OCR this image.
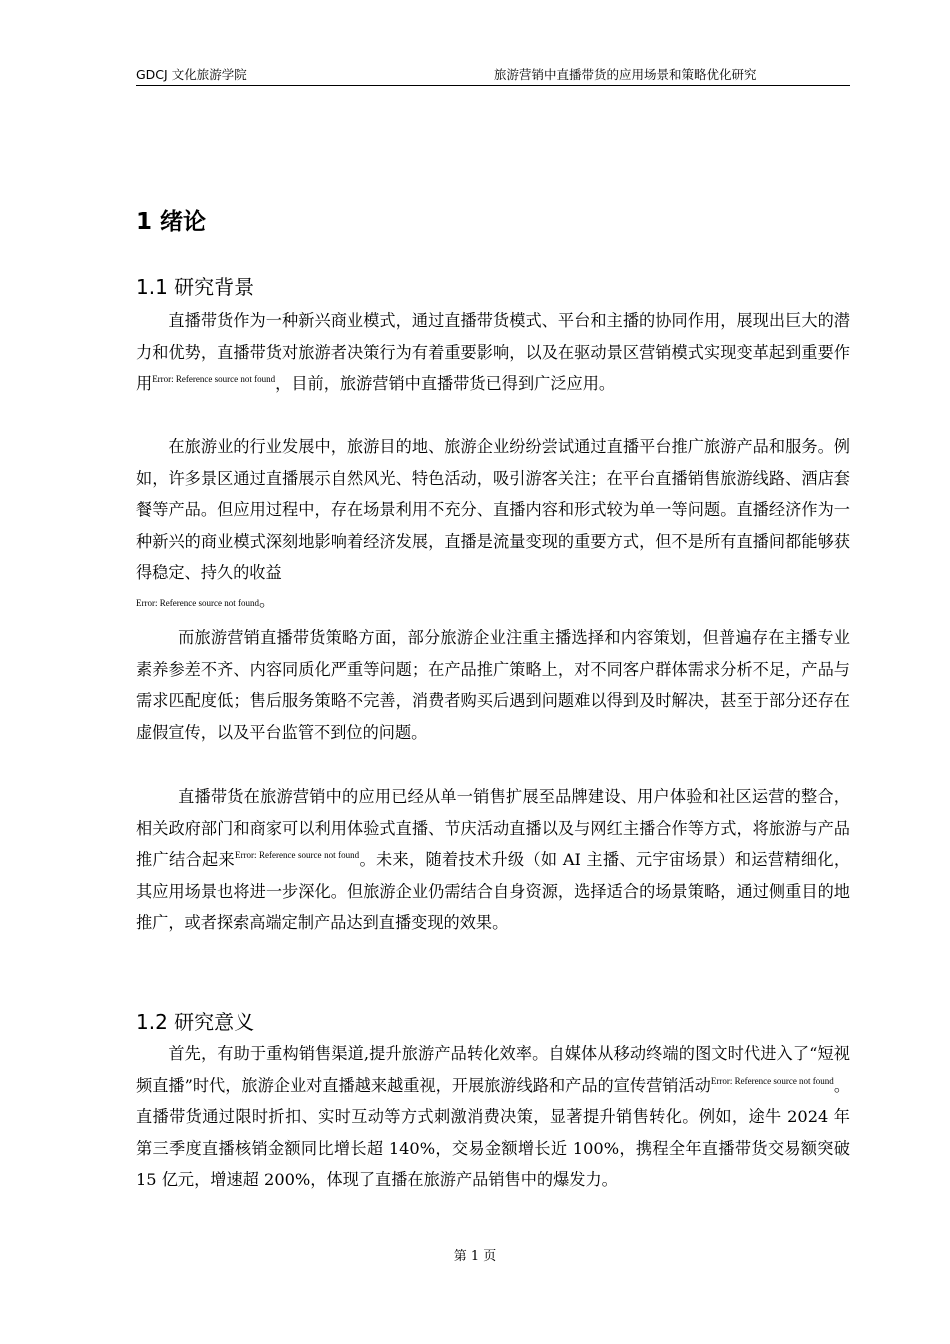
GDCJ 文化旅游学院	旅游营销中直播带货的应用场景和策略优化研究
1 绪论
1.1 研究背景

直播带货作为一种新兴商业模式，通过直播带货模式、平台和主播的协同作用，展现出巨大的潜力和优势，直播带货对旅游者决策行为有着重要影响，以及在驱动景区营销模式实现变革起到重要作用$^{Error: Reference source not found}$，目前，旅游营销中直播带货已得到广泛应用。

在旅游业的行业发展中，旅游目的地、旅游企业纷纷尝试通过直播平台推广旅游产品和服务。例如，许多景区通过直播展示自然风光、特色活动，吸引游客关注；在平台直播销售旅游线路、酒店套餐等产品。但应用过程中，存在场景利用不充分、直播内容和形式较为单一等问题。直播经济作为一种新兴的商业模式深刻地影响着经济发展，直播是流量变现的重要方式，但不是所有直播间都能够获得稳定、持久的收益

Error: Reference source not found。

而旅游营销直播带货策略方面，部分旅游企业注重主播选择和内容策划，但普遍存在主播专业素养参差不齐、内容同质化严重等问题；在产品推广策略上，对不同客户群体需求分析不足，产品与需求匹配度低；售后服务策略不完善，消费者购买后遇到问题难以得到及时解决，甚至于部分还存在虚假宣传，以及平台监管不到位的问题。

直播带货在旅游营销中的应用已经从单一销售扩展至品牌建设、用户体验和社区运营的整合，相关政府部门和商家可以利用体验式直播、节庆活动直播以及与网红主播合作等方式，将旅游与产品推广结合起来$^{Error: Reference source not found}$。未来，随着技术升级（如 AI 主播、元宇宙场景）和运营精细化，其应用场景也将进一步深化。但旅游企业仍需结合自身资源，选择适合的场景策略，通过侧重目的地推广，或者探索高端定制产品达到直播变现的效果。

1.2 研究意义

首先，有助于重构销售渠道,提升旅游产品转化效率。自媒体从移动终端的图文时代进入了“短视频直播”时代，旅游企业对直播越来越重视，开展旅游线路和产品的宣传营销活动$^{Error: Reference source not found}$。直播带货通过限时折扣、实时互动等方式刺激消费决策，显著提升销售转化。例如，途牛 2024 年第三季度直播核销金额同比增长超 140%，交易金额增长近 100%，携程全年直播带货交易额突破 15 亿元，增速超 200%，体现了直播在旅游产品销售中的爆发力。

第 1 页
